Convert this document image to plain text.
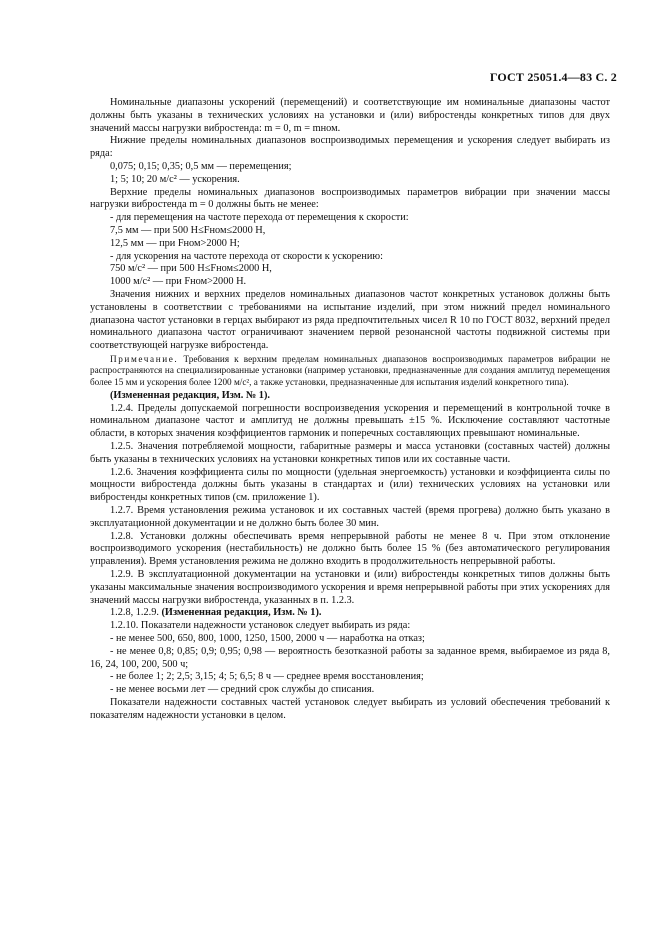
ГОСТ 25051.4—83 С. 2

Номинальные диапазоны ускорений (перемещений) и соответствующие им номинальные диапазоны частот должны быть указаны в технических условиях на установки и (или) вибростенды конкретных типов для двух значений массы нагрузки вибростенда: m = 0, m = mном.

Нижние пределы номинальных диапазонов воспроизводимых перемещения и ускорения следует выбирать из ряда:

0,075; 0,15; 0,35; 0,5 мм — перемещения;

1; 5; 10; 20 м/с² — ускорения.

Верхние пределы номинальных диапазонов воспроизводимых параметров вибрации при значении массы нагрузки вибростенда m = 0 должны быть не менее:

- для перемещения на частоте перехода от перемещения к скорости:

7,5 мм — при 500 Н≤Fном≤2000 Н,

12,5 мм — при Fном>2000 Н;

- для ускорения на частоте перехода от скорости к ускорению:

750 м/с² — при 500 Н≤Fном≤2000 Н,

1000 м/с² — при Fном>2000 Н.

Значения нижних и верхних пределов номинальных диапазонов частот конкретных установок должны быть установлены в соответствии с требованиями на испытание изделий, при этом нижний предел номинального диапазона частот установки в герцах выбирают из ряда предпочтительных чисел R 10 по ГОСТ 8032, верхний предел номинального диапазона частот ограничивают значением первой резонансной частоты подвижной системы при соответствующей нагрузке вибростенда.

Примечание. Требования к верхним пределам номинальных диапазонов воспроизводимых параметров вибрации не распространяются на специализированные установки (например установки, предназначенные для создания амплитуд перемещения более 15 мм и ускорения более 1200 м/с², а также установки, предназначенные для испытания изделий конкретного типа).

(Измененная редакция, Изм. № 1).

1.2.4. Пределы допускаемой погрешности воспроизведения ускорения и перемещений в контрольной точке в номинальном диапазоне частот и амплитуд не должны превышать ±15 %. Исключение составляют частотные области, в которых значения коэффициентов гармоник и поперечных составляющих превышают номинальные.

1.2.5. Значения потребляемой мощности, габаритные размеры и масса установки (составных частей) должны быть указаны в технических условиях на установки конкретных типов или их составные части.

1.2.6. Значения коэффициента силы по мощности (удельная энергоемкость) установки и коэффициента силы по мощности вибростенда должны быть указаны в стандартах и (или) технических условиях на установки или вибростенды конкретных типов (см. приложение 1).

1.2.7. Время установления режима установок и их составных частей (время прогрева) должно быть указано в эксплуатационной документации и не должно быть более 30 мин.

1.2.8. Установки должны обеспечивать время непрерывной работы не менее 8 ч. При этом отклонение воспроизводимого ускорения (нестабильность) не должно быть более 15 % (без автоматического регулирования управления). Время установления режима не должно входить в продолжительность непрерывной работы.

1.2.9. В эксплуатационной документации на установки и (или) вибростенды конкретных типов должны быть указаны максимальные значения воспроизводимого ускорения и время непрерывной работы при этих ускорениях для значений массы нагрузки вибростенда, указанных в п. 1.2.3.

1.2.8, 1.2.9. (Измененная редакция, Изм. № 1).

1.2.10. Показатели надежности установок следует выбирать из ряда:

- не менее 500, 650, 800, 1000, 1250, 1500, 2000 ч — наработка на отказ;

- не менее 0,8; 0,85; 0,9; 0,95; 0,98 — вероятность безотказной работы за заданное время, выбираемое из ряда 8, 16, 24, 100, 200, 500 ч;

- не более 1; 2; 2,5; 3,15; 4; 5; 6,5; 8 ч — среднее время восстановления;

- не менее восьми лет — средний срок службы до списания.

Показатели надежности составных частей установок следует выбирать из условий обеспечения требований к показателям надежности установки в целом.
